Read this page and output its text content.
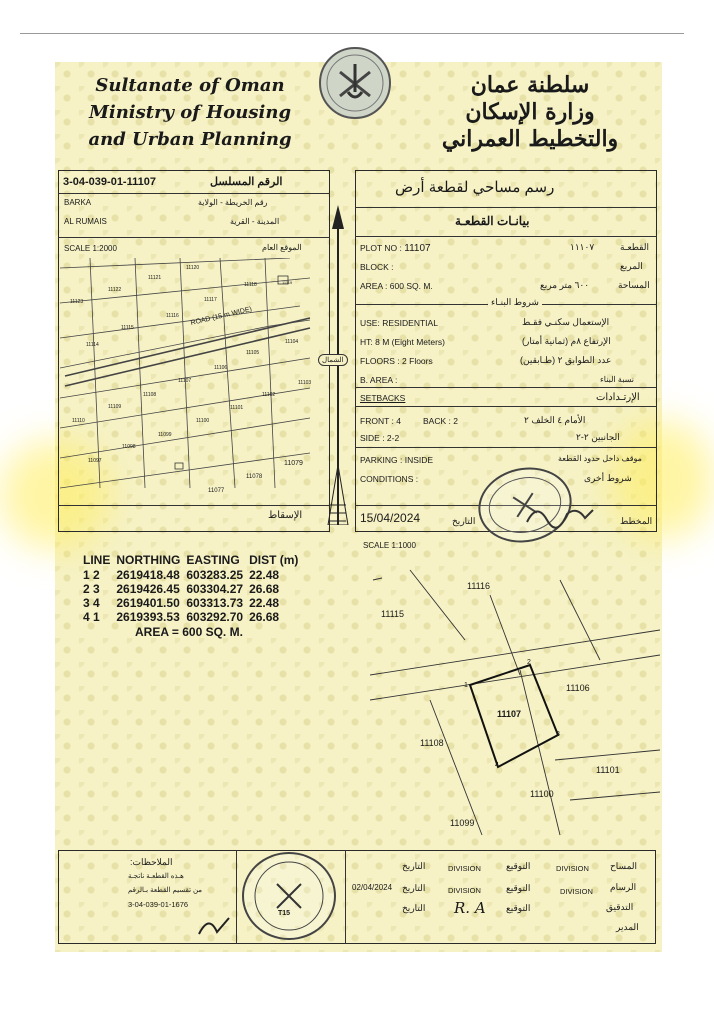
Sultanate of Oman
Ministry of Housing
and Urban Planning
سلطنة عمان
وزارة الإسكان
والتخطيط العمراني
3-04-039-01-11107	الرقم المسلسل
BARKA	رقم الخريطة - الولاية
AL RUMAIS	المدينة - القرية
SCALE 1:2000	الموقع العام
ROAD (15 m WIDE)
11120
11121
11122
11123	11117
11118
11116
11115
11114	11104
11105
11106
11107	11103
11102
11108
11109
11110
11101
11100
11099
11098
11097	11079
11078
11077
11119
الإسقاط
الشمال
رسم مساحي لقطعة أرض
بيانـات القطعـة
PLOT NO : 11107	١١١٠٧	القطعـة
BLOCK :	المربع
AREA : 600 SQ. M.	٦٠٠ متر مربع	المساحة
شروط البنـاء
USE: RESIDENTIAL	الإستعمال سكنـي فقـط
HT: 8 M (Eight Meters)	الإرتفاع ٨م (ثمانية أمتار)
FLOORS : 2 Floors	عدد الطوابق ٢ (طـابقين)
B. AREA :	نسبة البناء
SETBACKS	الإرتـدادات
FRONT : 4	BACK : 2	الأمام ٤ الخلف ٢
SIDE : 2-2	الجانبين ٢-٢
PARKING : INSIDE	موقف داخل حدود القطعة
CONDITIONS :	شروط أخرى
15/04/2024	التاريخ	المخطط
LINE	NORTHING	EASTING	DIST (m)
1 2	2619418.48	603283.25	22.48
2 3	2619426.45	603304.27	26.68
3 4	2619401.50	603313.73	22.48
4 1	2619393.53	603292.70	26.68
AREA = 600 SQ. M.
SCALE 1:1000
11116
11115
11106
11107
11108
11101
11100
11099
1
2
3
4
الملاحظات:
هـذه القطعـة ناتجـة
من تقسيم القطعة بـالرقم
3-04-039-01-1676
T15
المساح
DIVISION
التوقيع
DIVISION
التاريخ
الرسام
DIVISION
التوقيع
DIVISION
التاريخ
02/04/2024
التدقيق
التوقيع
R. A
التاريخ
المدير
